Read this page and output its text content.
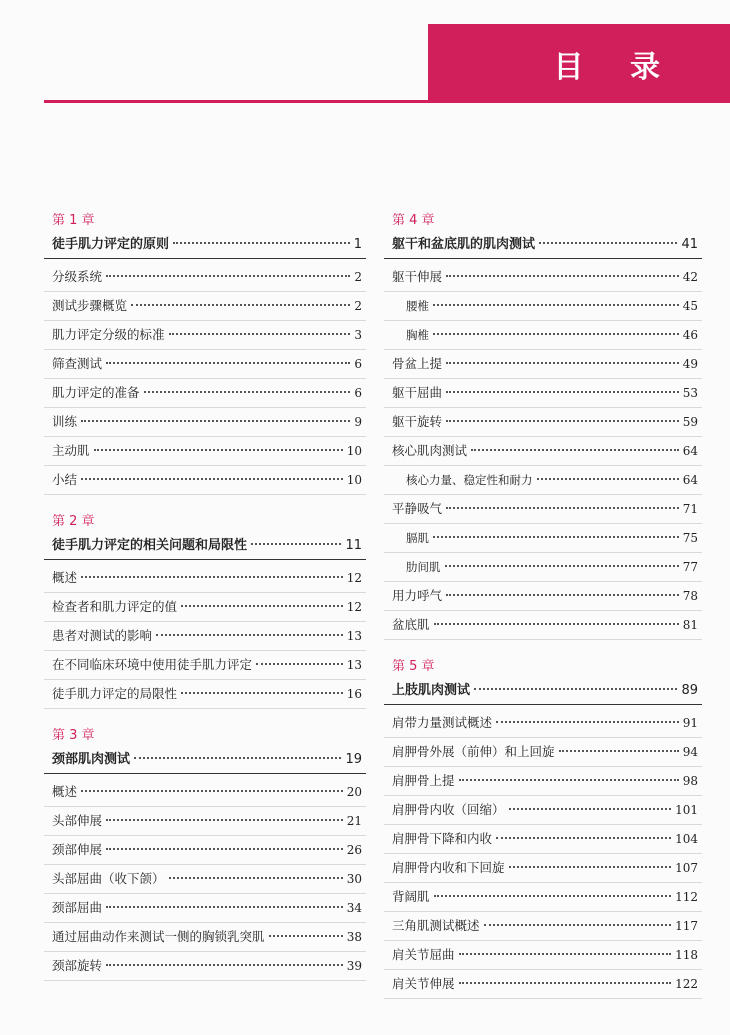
目 录
第 1 章
徒手肌力评定的原则	1
分级系统	2
测试步骤概览	2
肌力评定分级的标准	3
筛查测试	6
肌力评定的准备	6
训练	9
主动肌	10
小结	10
第 2 章
徒手肌力评定的相关问题和局限性	11
概述	12
检查者和肌力评定的值	12
患者对测试的影响	13
在不同临床环境中使用徒手肌力评定	13
徒手肌力评定的局限性	16
第 3 章
颈部肌肉测试	19
概述	20
头部伸展	21
颈部伸展	26
头部屈曲（收下颌）	30
颈部屈曲	34
通过屈曲动作来测试一侧的胸锁乳突肌	38
颈部旋转	39
第 4 章
躯干和盆底肌的肌肉测试	41
躯干伸展	42
腰椎	45
胸椎	46
骨盆上提	49
躯干屈曲	53
躯干旋转	59
核心肌肉测试	64
核心力量、稳定性和耐力	64
平静吸气	71
膈肌	75
肋间肌	77
用力呼气	78
盆底肌	81
第 5 章
上肢肌肉测试	89
肩带力量测试概述	91
肩胛骨外展（前伸）和上回旋	94
肩胛骨上提	98
肩胛骨内收（回缩）	101
肩胛骨下降和内收	104
肩胛骨内收和下回旋	107
背阔肌	112
三角肌测试概述	117
肩关节屈曲	118
肩关节伸展	122
